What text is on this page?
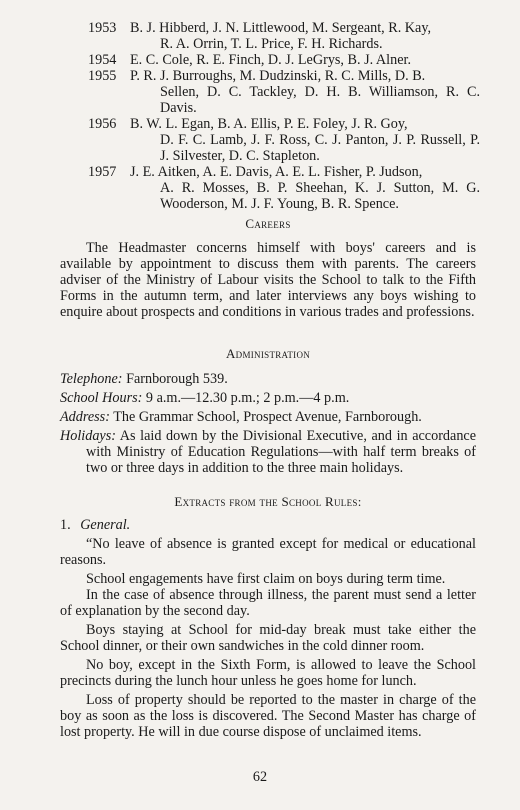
1953 B. J. Hibberd, J. N. Littlewood, M. Sergeant, R. Kay,
R. A. Orrin, T. L. Price, F. H. Richards.
1954 E. C. Cole, R. E. Finch, D. J. LeGrys, B. J. Alner.
1955 P. R. J. Burroughs, M. Dudzinski, R. C. Mills, D. B.
Sellen, D. C. Tackley, D. H. B. Williamson, R. C. Davis.
1956 B. W. L. Egan, B. A. Ellis, P. E. Foley, J. R. Goy,
D. F. C. Lamb, J. F. Ross, C. J. Panton, J. P. Russell, P. J. Silvester, D. C. Stapleton.
1957 J. E. Aitken, A. E. Davis, A. E. L. Fisher, P. Judson,
A. R. Mosses, B. P. Sheehan, K. J. Sutton, M. G. Wooderson, M. J. F. Young, B. R. Spence.
Careers
The Headmaster concerns himself with boys' careers and is available by appointment to discuss them with parents. The careers adviser of the Ministry of Labour visits the School to talk to the Fifth Forms in the autumn term, and later interviews any boys wishing to enquire about prospects and conditions in various trades and professions.
Administration
Telephone: Farnborough 539.
School Hours: 9 a.m.—12.30 p.m.; 2 p.m.—4 p.m.
Address: The Grammar School, Prospect Avenue, Farnborough.
Holidays: As laid down by the Divisional Executive, and in accordance with Ministry of Education Regulations—with half term breaks of two or three days in addition to the three main holidays.
Extracts from the School Rules:
1. General.
“No leave of absence is granted except for medical or educational reasons.
School engagements have first claim on boys during term time.
In the case of absence through illness, the parent must send a letter of explanation by the second day.
Boys staying at School for mid-day break must take either the School dinner, or their own sandwiches in the cold dinner room.
No boy, except in the Sixth Form, is allowed to leave the School precincts during the lunch hour unless he goes home for lunch.
Loss of property should be reported to the master in charge of the boy as soon as the loss is discovered. The Second Master has charge of lost property. He will in due course dispose of unclaimed items.
62
